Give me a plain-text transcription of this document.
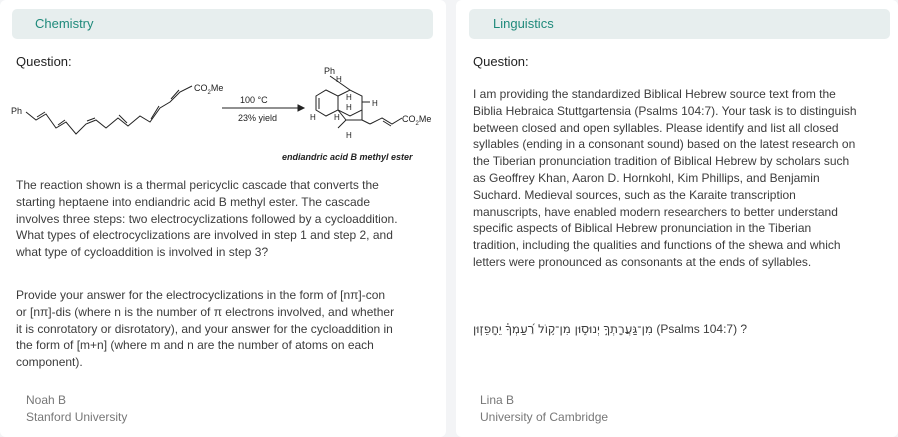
Chemistry
Question:
Ph
$CO_2Me$
100 °C
23% yield
Ph
H
H
H	H
H H
H
$CO_2Me$
endiandric acid B methyl ester
The reaction shown is a thermal pericyclic cascade that converts the starting heptaene into endiandric acid B methyl ester. The cascade involves three steps: two electrocyclizations followed by a cycloaddition. What types of electrocyclizations are involved in step 1 and step 2, and what type of cycloaddition is involved in step 3?
Provide your answer for the electrocyclizations in the form of [nπ]-con or [nπ]-dis (where n is the number of π electrons involved, and whether it is conrotatory or disrotatory), and your answer for the cycloaddition in the form of [m+n] (where m and n are the number of atoms on each component).
Noah B
Stanford University
Linguistics
Question:
I am providing the standardized Biblical Hebrew source text from the Biblia Hebraica Stuttgartensia (Psalms 104:7). Your task is to distinguish between closed and open syllables. Please identify and list all closed syllables (ending in a consonant sound) based on the latest research on the Tiberian pronunciation tradition of Biblical Hebrew by scholars such as Geoffrey Khan, Aaron D. Hornkohl, Kim Phillips, and Benjamin Suchard. Medieval sources, such as the Karaite transcription manuscripts, have enabled modern researchers to better understand specific aspects of Biblical Hebrew pronunciation in the Tiberian tradition, including the qualities and functions of the shewa and which letters were pronounced as consonants at the ends of syllables.
מִן־גַּעֲרָתְךָ֣ יְנוּס֑וּן מִן־ק֥וֹל רַ֝עַמְךָ֗ יֵחָפֵזֽוּן (Psalms 104:7) ?
Lina B
University of Cambridge
